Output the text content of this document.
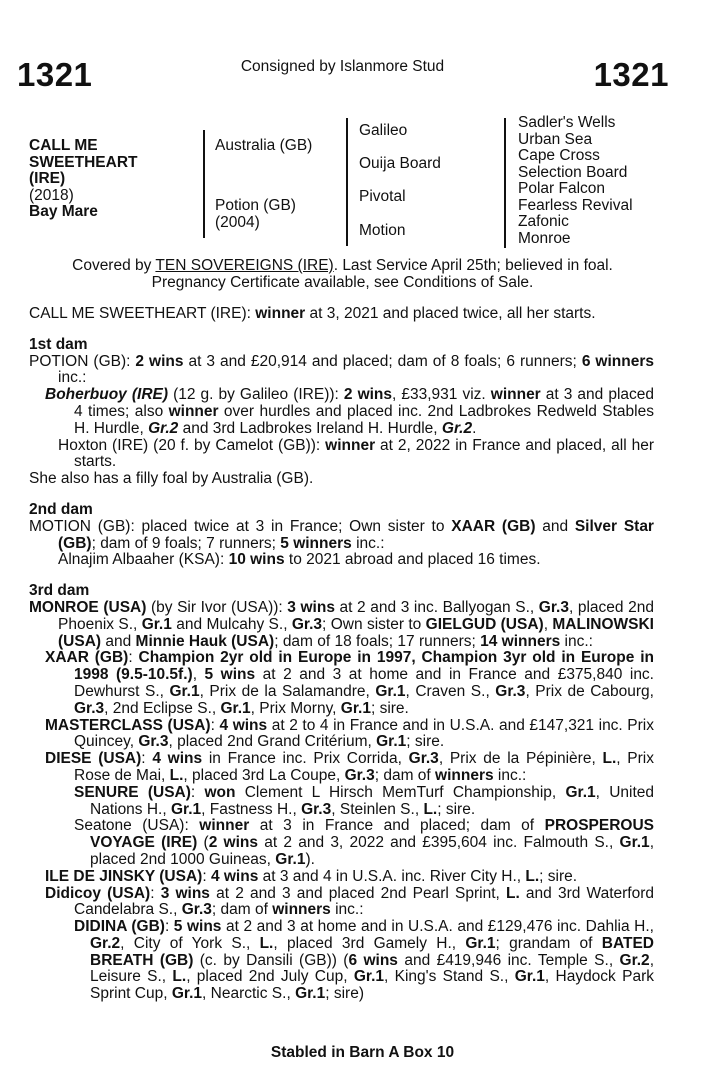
1321	Consigned by Islanmore Stud	1321
CALL ME
SWEETHEART
(IRE)
(2018)
Bay Mare
Australia (GB)
Potion (GB)
(2004)
Galileo
Ouija Board
Pivotal
Motion
Sadler's Wells
Urban Sea
Cape Cross
Selection Board
Polar Falcon
Fearless Revival
Zafonic
Monroe
Covered by TEN SOVEREIGNS (IRE). Last Service April 25th; believed in foal.
Pregnancy Certificate available, see Conditions of Sale.

CALL ME SWEETHEART (IRE): winner at 3, 2021 and placed twice, all her starts.

1st dam

POTION (GB): 2 wins at 3 and £20,914 and placed; dam of 8 foals; 6 runners; 6 winners inc.:

Boherbuoy (IRE) (12 g. by Galileo (IRE)): 2 wins, £33,931 viz. winner at 3 and placed 4 times; also winner over hurdles and placed inc. 2nd Ladbrokes Redweld Stables H. Hurdle, Gr.2 and 3rd Ladbrokes Ireland H. Hurdle, Gr.2.

Hoxton (IRE) (20 f. by Camelot (GB)): winner at 2, 2022 in France and placed, all her starts.

She also has a filly foal by Australia (GB).

2nd dam

MOTION (GB): placed twice at 3 in France; Own sister to XAAR (GB) and Silver Star (GB); dam of 9 foals; 7 runners; 5 winners inc.:

Alnajim Albaaher (KSA): 10 wins to 2021 abroad and placed 16 times.

3rd dam

MONROE (USA) (by Sir Ivor (USA)): 3 wins at 2 and 3 inc. Ballyogan S., Gr.3, placed 2nd Phoenix S., Gr.1 and Mulcahy S., Gr.3; Own sister to GIELGUD (USA), MALINOWSKI (USA) and Minnie Hauk (USA); dam of 18 foals; 17 runners; 14 winners inc.:

XAAR (GB): Champion 2yr old in Europe in 1997, Champion 3yr old in Europe in 1998 (9.5-10.5f.), 5 wins at 2 and 3 at home and in France and £375,840 inc. Dewhurst S., Gr.1, Prix de la Salamandre, Gr.1, Craven S., Gr.3, Prix de Cabourg, Gr.3, 2nd Eclipse S., Gr.1, Prix Morny, Gr.1; sire.

MASTERCLASS (USA): 4 wins at 2 to 4 in France and in U.S.A. and £147,321 inc. Prix Quincey, Gr.3, placed 2nd Grand Critérium, Gr.1; sire.

DIESE (USA): 4 wins in France inc. Prix Corrida, Gr.3, Prix de la Pépinière, L., Prix Rose de Mai, L., placed 3rd La Coupe, Gr.3; dam of winners inc.:

SENURE (USA): won Clement L Hirsch MemTurf Championship, Gr.1, United Nations H., Gr.1, Fastness H., Gr.3, Steinlen S., L.; sire.

Seatone (USA): winner at 3 in France and placed; dam of PROSPEROUS VOYAGE (IRE) (2 wins at 2 and 3, 2022 and £395,604 inc. Falmouth S., Gr.1, placed 2nd 1000 Guineas, Gr.1).

ILE DE JINSKY (USA): 4 wins at 3 and 4 in U.S.A. inc. River City H., L.; sire.

Didicoy (USA): 3 wins at 2 and 3 and placed 2nd Pearl Sprint, L. and 3rd Waterford Candelabra S., Gr.3; dam of winners inc.:

DIDINA (GB): 5 wins at 2 and 3 at home and in U.S.A. and £129,476 inc. Dahlia H., Gr.2, City of York S., L., placed 3rd Gamely H., Gr.1; grandam of BATED BREATH (GB) (c. by Dansili (GB)) (6 wins and £419,946 inc. Temple S., Gr.2, Leisure S., L., placed 2nd July Cup, Gr.1, King's Stand S., Gr.1, Haydock Park Sprint Cup, Gr.1, Nearctic S., Gr.1; sire)

Stabled in Barn A Box 10
